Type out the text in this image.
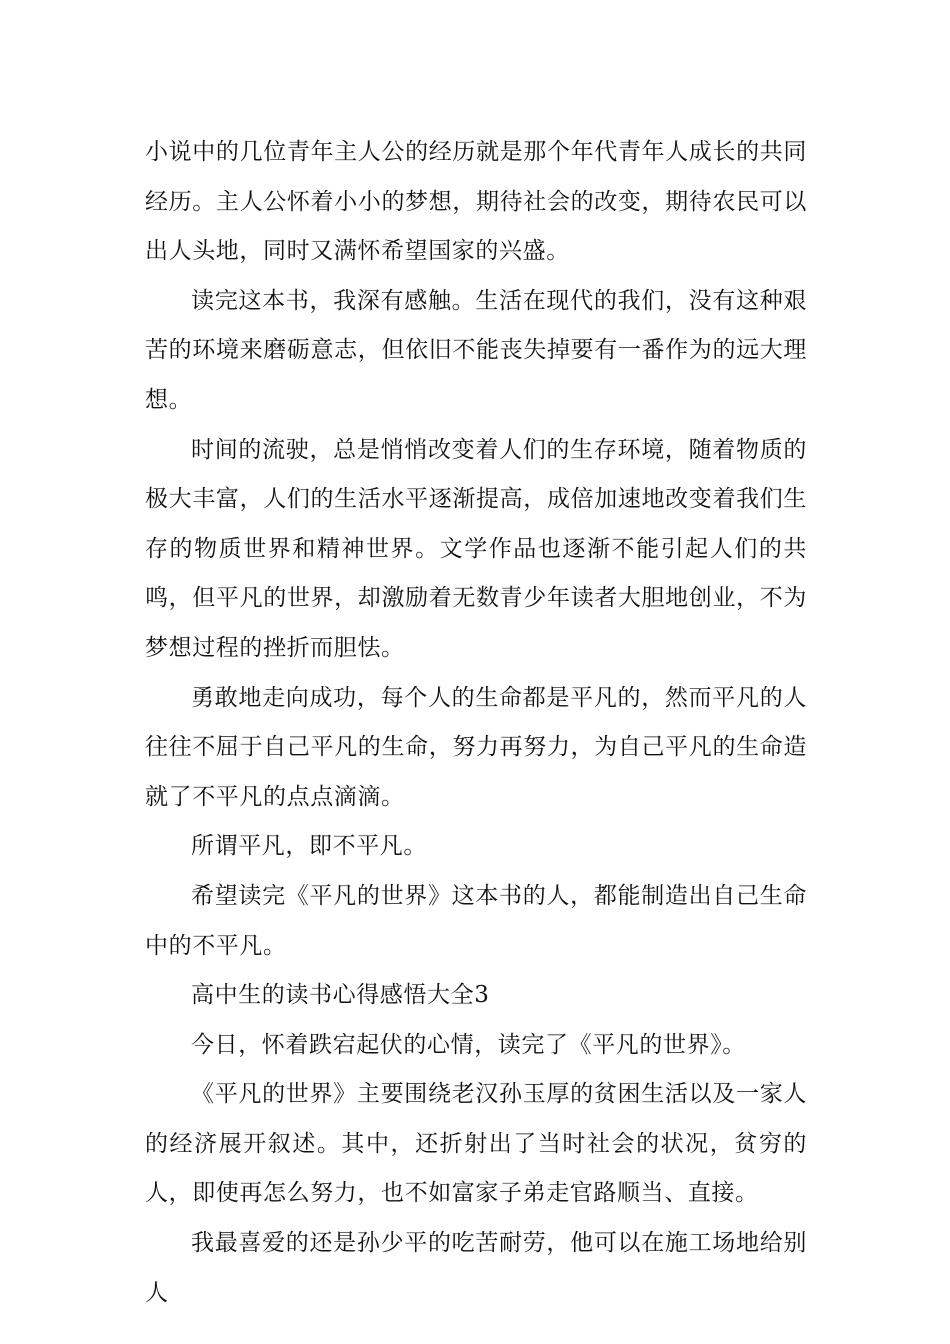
小说中的几位青年主人公的经历就是那个年代青年人成长的共同经历。主人公怀着小小的梦想，期待社会的改变，期待农民可以出人头地，同时又满怀希望国家的兴盛。

读完这本书，我深有感触。生活在现代的我们，没有这种艰苦的环境来磨砺意志，但依旧不能丧失掉要有一番作为的远大理想。

时间的流驶，总是悄悄改变着人们的生存环境，随着物质的极大丰富，人们的生活水平逐渐提高，成倍加速地改变着我们生存的物质世界和精神世界。文学作品也逐渐不能引起人们的共鸣，但平凡的世界，却激励着无数青少年读者大胆地创业，不为梦想过程的挫折而胆怯。

勇敢地走向成功，每个人的生命都是平凡的，然而平凡的人往往不屈于自己平凡的生命，努力再努力，为自己平凡的生命造就了不平凡的点点滴滴。

所谓平凡，即不平凡。

希望读完《平凡的世界》这本书的人，都能制造出自己生命中的不平凡。

高中生的读书心得感悟大全3

今日，怀着跌宕起伏的心情，读完了《平凡的世界》。

《平凡的世界》主要围绕老汉孙玉厚的贫困生活以及一家人的经济展开叙述。其中，还折射出了当时社会的状况，贫穷的人，即使再怎么努力，也不如富家子弟走官路顺当、直接。

我最喜爱的还是孙少平的吃苦耐劳，他可以在施工场地给别人
